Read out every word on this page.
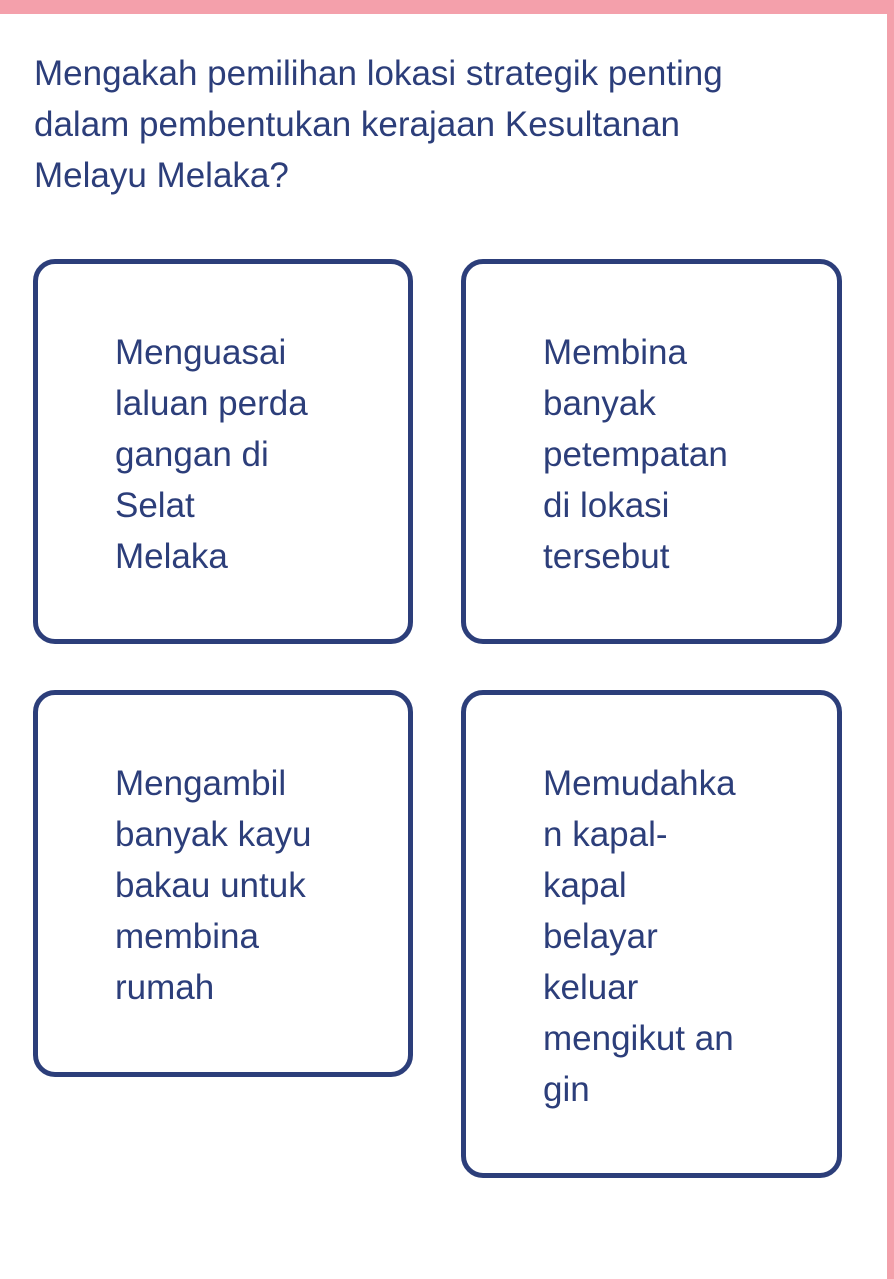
Mengakah pemilihan lokasi strategik penting dalam pembentukan kerajaan Kesultanan Melayu Melaka?
Menguasai
laluan perda
gangan di
Selat
Melaka
Membina
banyak
petempatan
di lokasi
tersebut
Mengambil
banyak kayu
bakau untuk
membina
rumah
Memudahka
n kapal-
kapal
belayar
keluar
mengikut an
gin
